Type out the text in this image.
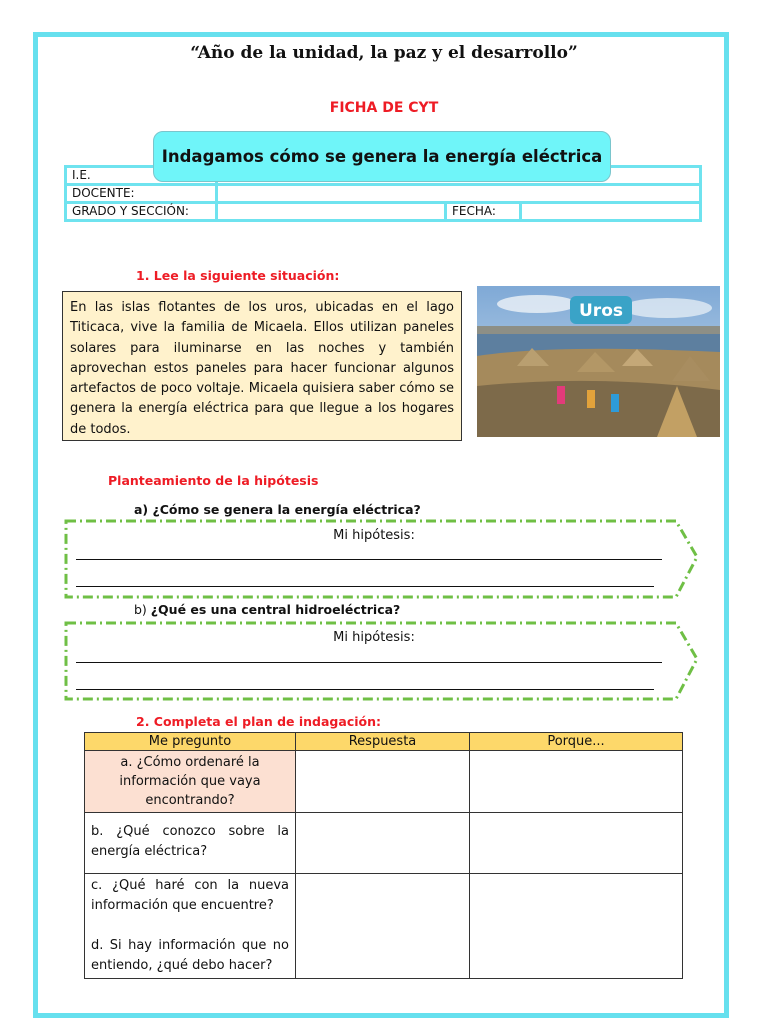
“Año de la unidad, la paz y el desarrollo”
FICHA DE CYT
I.E.			
DOCENTE:			
GRADO Y SECCIÓN:		FECHA:	
Indagamos cómo se genera la energía eléctrica
1. Lee la siguiente situación:
En las islas flotantes de los uros, ubicadas en el lago Titicaca, vive la familia de Micaela. Ellos utilizan paneles solares para iluminarse en las noches y también aprovechan estos paneles para hacer funcionar algunos artefactos de poco voltaje. Micaela quisiera saber cómo se genera la energía eléctrica para que llegue a los hogares de todos.
Uros
Planteamiento de la hipótesis
a) ¿Cómo se genera la energía eléctrica?
Mi hipótesis:
b) ¿Qué es una central hidroeléctrica?
Mi hipótesis:
2. Completa el plan de indagación:
Me pregunto	Respuesta	Porque...
a. ¿Cómo ordenaré la información que vaya encontrando?		
b. ¿Qué conozco sobre la energía eléctrica?		

c. ¿Qué haré con la nueva información que encuentre?
d. Si hay información que no entiendo, ¿qué debo hacer?		
